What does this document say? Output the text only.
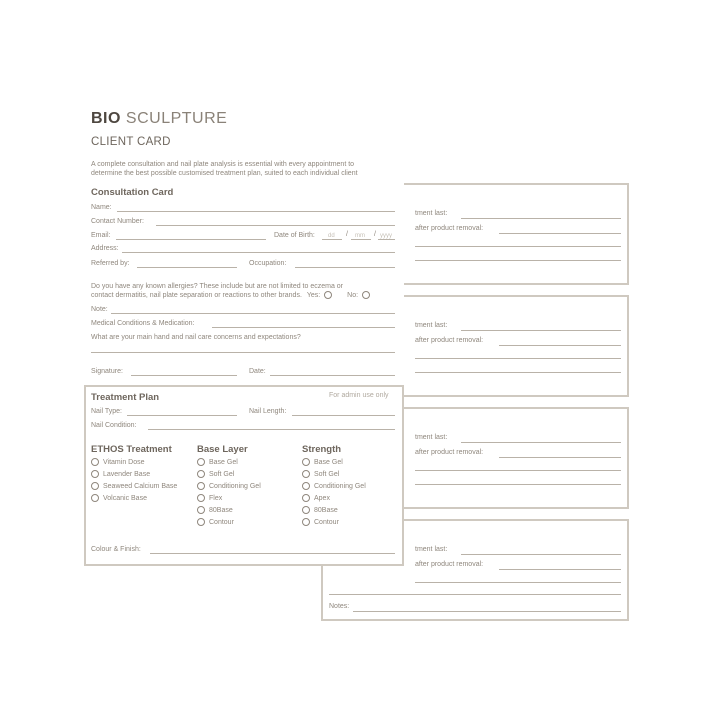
tment last:
after product removal:
tment last:
after product removal:
tment last:
after product removal:
tment last:
after product removal:
Notes:
BIO SCULPTURE
CLIENT CARD
A complete consultation and nail plate analysis is essential with every appointment to
determine the best possible customised treatment plan, suited to each individual client
Consultation Card
Name:
Contact Number:
Email:	Date of Birth: dd / mm / yyyy
Address:
Referred by:	Occupation:
Do you have any known allergies? These include but are not limited to eczema or
contact dermatitis, nail plate separation or reactions to other brands. Yes:	No:
Note:
Medical Conditions & Medication:
What are your main hand and nail care concerns and expectations?
Signature:	Date:
Treatment Plan	For admin use only
Nail Type:	Nail Length:
Nail Condition:
ETHOS Treatment
Vitamin Dose
Lavender Base
Seaweed Calcium Base
Volcanic Base
Base Layer
Base Gel
Soft Gel
Conditioning Gel
Flex
80Base
Contour
Strength
Base Gel
Soft Gel
Conditioning Gel
Apex
80Base
Contour
Colour & Finish:
